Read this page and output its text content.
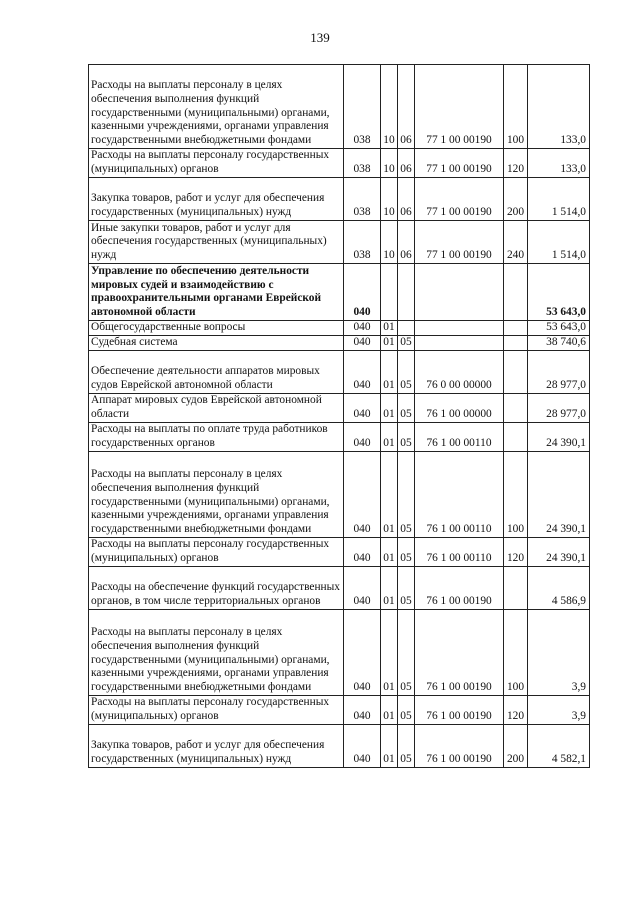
139
Расходы на выплаты персоналу в целях обеспечения выполнения функций государственными (муниципальными) органами, казенными учреждениями, органами управления государственными внебюджетными фондами	038	10	06	77 1 00 00190	100	133,0
Расходы на выплаты персоналу государственных (муниципальных) органов	038	10	06	77 1 00 00190	120	133,0
Закупка товаров, работ и услуг для обеспечения государственных (муниципальных) нужд	038	10	06	77 1 00 00190	200	1 514,0
Иные закупки товаров, работ и услуг для обеспечения государственных (муниципальных) нужд	038	10	06	77 1 00 00190	240	1 514,0
Управление по обеспечению деятельности мировых судей и взаимодействию с правоохранительными органами Еврейской автономной области	040					53 643,0
Общегосударственные вопросы	040	01				53 643,0
Судебная система	040	01	05			38 740,6
Обеспечение деятельности аппаратов мировых судов Еврейской автономной области	040	01	05	76 0 00 00000		28 977,0
Аппарат мировых судов Еврейской автономной области	040	01	05	76 1 00 00000		28 977,0
Расходы на выплаты по оплате труда работников государственных органов	040	01	05	76 1 00 00110		24 390,1
Расходы на выплаты персоналу в целях обеспечения выполнения функций государственными (муниципальными) органами, казенными учреждениями, органами управления государственными внебюджетными фондами	040	01	05	76 1 00 00110	100	24 390,1
Расходы на выплаты персоналу государственных (муниципальных) органов	040	01	05	76 1 00 00110	120	24 390,1
Расходы на обеспечение функций государственных органов, в том числе территориальных органов	040	01	05	76 1 00 00190		4 586,9
Расходы на выплаты персоналу в целях обеспечения выполнения функций государственными (муниципальными) органами, казенными учреждениями, органами управления государственными внебюджетными фондами	040	01	05	76 1 00 00190	100	3,9
Расходы на выплаты персоналу государственных (муниципальных) органов	040	01	05	76 1 00 00190	120	3,9
Закупка товаров, работ и услуг для обеспечения государственных (муниципальных) нужд	040	01	05	76 1 00 00190	200	4 582,1
